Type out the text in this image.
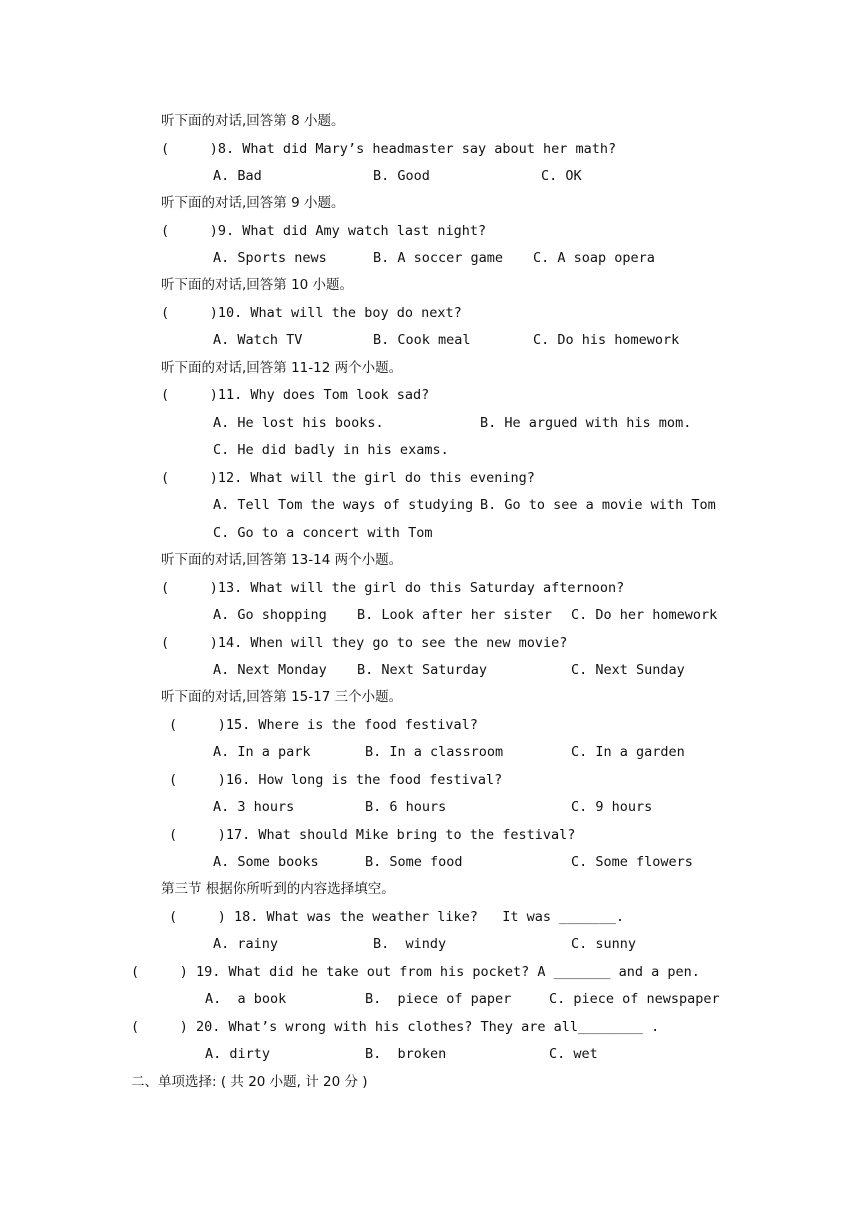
听下面的对话,回答第 8 小题。
(     )8. What did Mary’s headmaster say about her math?
A. Bad	B. Good	C. OK
听下面的对话,回答第 9 小题。
(     )9. What did Amy watch last night?
A. Sports news	B. A soccer game C. A soap opera
听下面的对话,回答第 10 小题。
(     )10. What will the boy do next?
A. Watch TV	B. Cook meal	C. Do his homework
听下面的对话,回答第 11-12 两个小题。
(     )11. Why does Tom look sad?
A. He lost his books.	B. He argued with his mom.
C. He did badly in his exams.
(     )12. What will the girl do this evening?
A. Tell Tom the ways of studying B. Go to see a movie with Tom
C. Go to a concert with Tom
听下面的对话,回答第 13-14 两个小题。
(     )13. What will the girl do this Saturday afternoon?
A. Go shopping B. Look after her sister C. Do her homework
(     )14. When will they go to see the new movie?
A. Next Monday B. Next Saturday	C. Next Sunday
听下面的对话,回答第 15-17 三个小题。
(     )15. Where is the food festival?
A. In a park	B. In a classroom	C. In a garden
(     )16. How long is the food festival?
A. 3 hours	B. 6 hours	C. 9 hours
(     )17. What should Mike bring to the festival?
A. Some books	B. Some food	C. Some flowers
第三节 根据你所听到的内容选择填空。
(     ) 18. What was the weather like?   It was _______.
A. rainy	B.  windy	C. sunny
(     ) 19. What did he take out from his pocket? A _______ and a pen.
A.  a book	B.  piece of paper	C. piece of newspaper
(     ) 20. What’s wrong with his clothes? They are all________ .
A. dirty	B.  broken	C. wet
二、单项选择: ( 共 20 小题, 计 20 分 )
